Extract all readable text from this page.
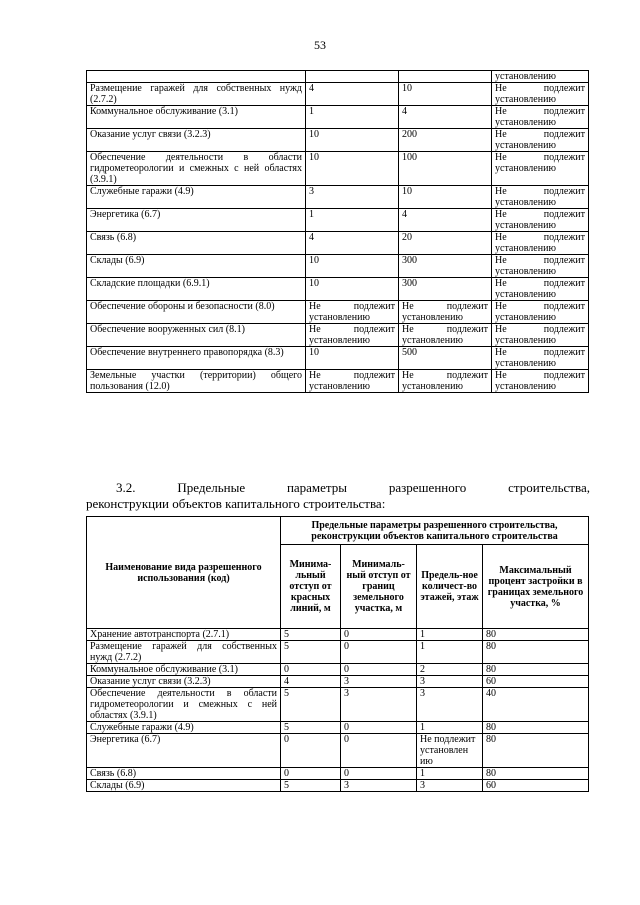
53
			установлению
Размещение гаражей для собственных нужд (2.7.2)	4	10	Не подлежит установлению
Коммунальное обслуживание (3.1)	1	4	Не подлежит установлению
Оказание услуг связи (3.2.3)	10	200	Не подлежит установлению
Обеспечение деятельности в области гидрометеорологии и смежных с ней областях (3.9.1)	10	100	Не подлежит установлению
Служебные гаражи (4.9)	3	10	Не подлежит установлению
Энергетика (6.7)	1	4	Не подлежит установлению
Связь (6.8)	4	20	Не подлежит установлению
Склады (6.9)	10	300	Не подлежит установлению
Складские площадки (6.9.1)	10	300	Не подлежит установлению
Обеспечение обороны и безопасности (8.0)	Не подлежит установлению	Не подлежит установлению	Не подлежит установлению
Обеспечение вооруженных сил (8.1)	Не подлежит установлению	Не подлежит установлению	Не подлежит установлению
Обеспечение внутреннего правопорядка (8.3)	10	500	Не подлежит установлению
Земельные участки (территории) общего пользования (12.0)	Не подлежит установлению	Не подлежит установлению	Не подлежит установлению
3.2.	Предельные	параметры	разрешенного	строительства,
реконструкции объектов капитального строительства:
Наименование вида разрешенного использования (код)	Предельные параметры разрешенного строительства, реконструкции объектов капитального строительства			
	Минима-льный отступ от красных линий, м	Минималь-ный отступ от границ земельного участка, м	Предель-ное количест-во этажей, этаж	Максимальный процент застройки в границах земельного участка, %
Хранение автотранспорта (2.7.1)	5	0	1	80
Размещение гаражей для собственных нужд (2.7.2)	5	0	1	80
Коммунальное обслуживание (3.1)	0	0	2	80
Оказание услуг связи (3.2.3)	4	3	3	60
Обеспечение деятельности в области гидрометеорологии и смежных с ней областях (3.9.1)	5	3	3	40
Служебные гаражи (4.9)	5	0	1	80
Энергетика (6.7)	0	0	Не подлежит установлен ию	80
Связь (6.8)	0	0	1	80
Склады (6.9)	5	3	3	60
